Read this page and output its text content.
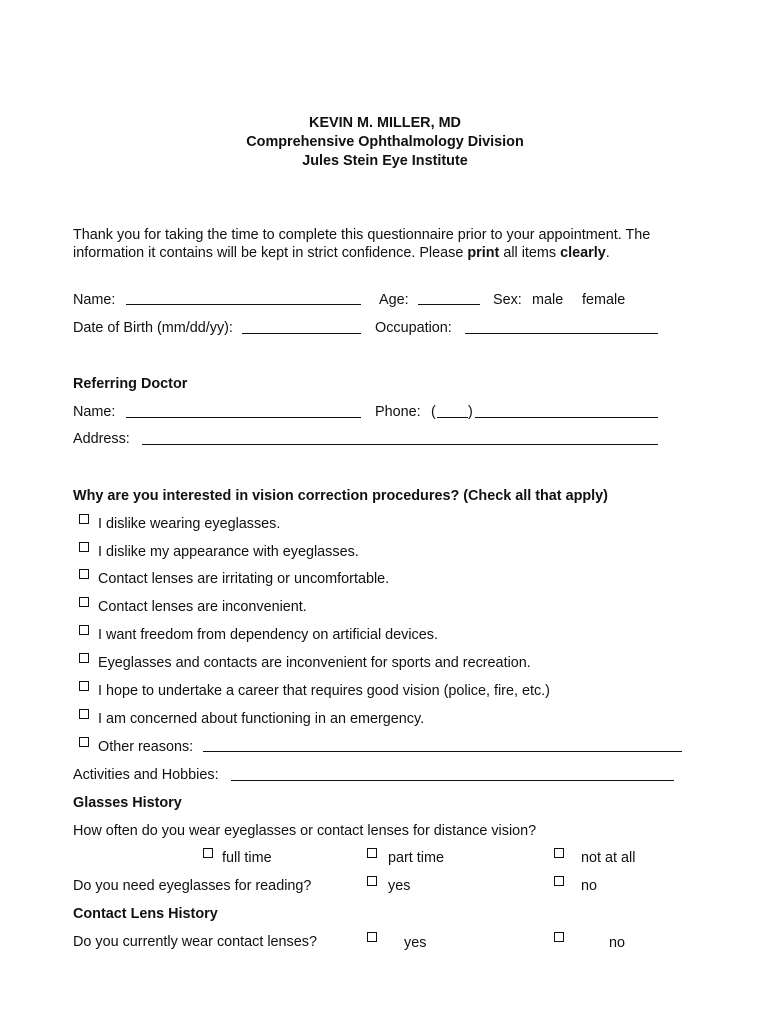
KEVIN M. MILLER, MD
Comprehensive Ophthalmology Division
Jules Stein Eye Institute
Thank you for taking the time to complete this questionnaire prior to your appointment. The
information it contains will be kept in strict confidence. Please print all items clearly.
Name:	Age:	Sex: male female
Date of Birth (mm/dd/yy):	Occupation:
Referring Doctor
Name:	Phone: ( )
Address:
Why are you interested in vision correction procedures? (Check all that apply)
I dislike wearing eyeglasses.
I dislike my appearance with eyeglasses.
Contact lenses are irritating or uncomfortable.
Contact lenses are inconvenient.
I want freedom from dependency on artificial devices.
Eyeglasses and contacts are inconvenient for sports and recreation.
I hope to undertake a career that requires good vision (police, fire, etc.)
I am concerned about functioning in an emergency.
Other reasons:
Activities and Hobbies:
Glasses History
How often do you wear eyeglasses or contact lenses for distance vision?
full time	part time	not at all
Do you need eyeglasses for reading?	yes	no
Contact Lens History
Do you currently wear contact lenses?	yes	no
